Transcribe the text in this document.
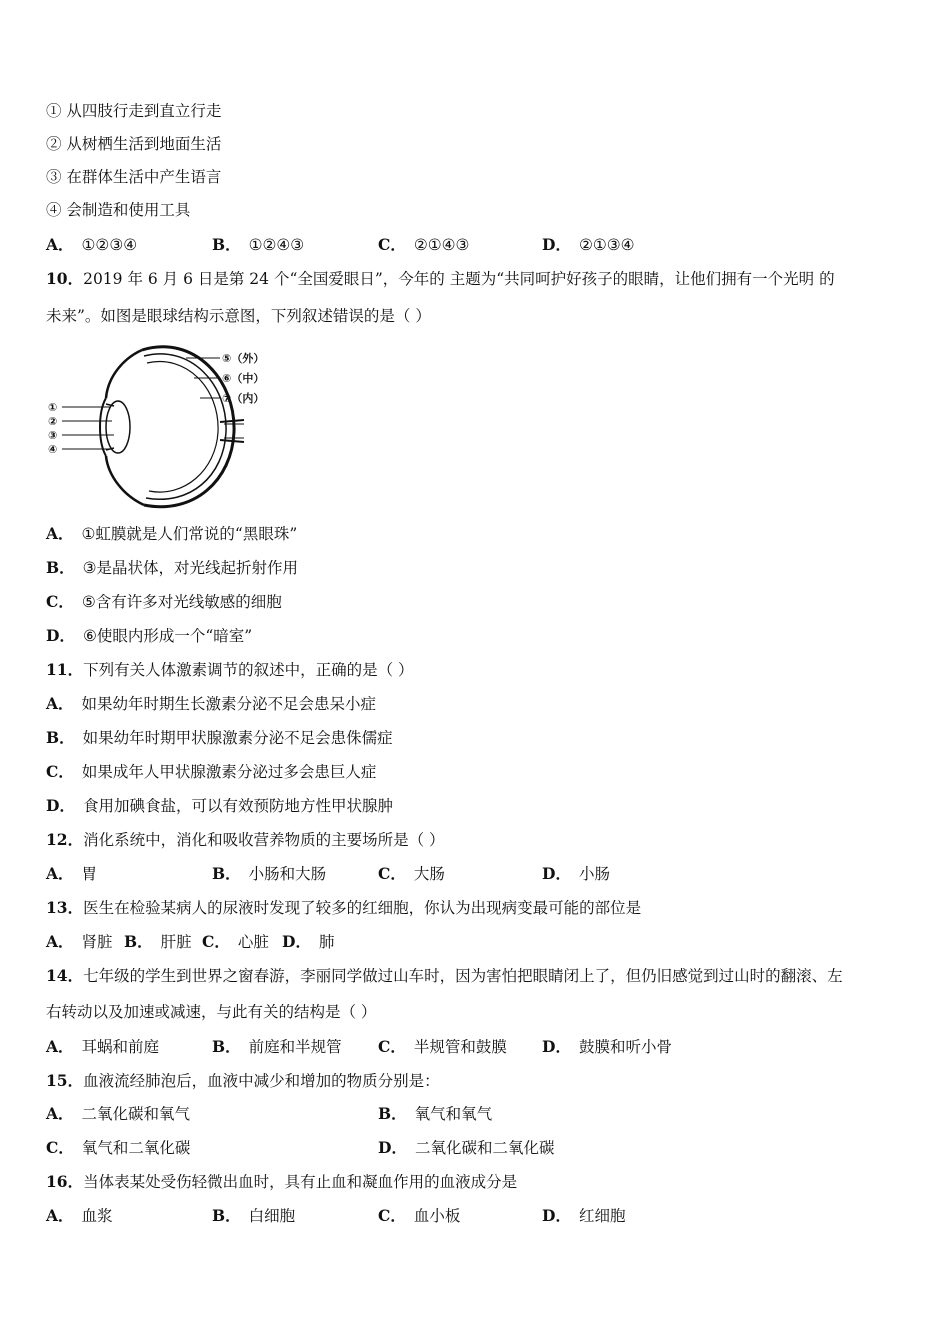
① 从四肢行走到直立行走
② 从树栖生活到地面生活
③ 在群体生活中产生语言
④ 会制造和使用工具
A． ①②③④	B． ①②④③	C． ②①④③	D． ②①③④
10．2019 年 6 月 6 日是第 24 个“全国爱眼日”，今年的 主题为“共同呵护好孩子的眼睛，让他们拥有一个光明 的
未来”。如图是眼球结构示意图，下列叙述错误的是（ ）
①
②
③
④
⑤（外）
⑥（中）
⑦（内）
A． ①虹膜就是人们常说的“黑眼珠”
B． ③是晶状体，对光线起折射作用
C． ⑤含有许多对光线敏感的细胞
D． ⑥使眼内形成一个“暗室”
11．下列有关人体激素调节的叙述中，正确的是（ ）
A． 如果幼年时期生长激素分泌不足会患呆小症
B． 如果幼年时期甲状腺激素分泌不足会患侏儒症
C． 如果成年人甲状腺激素分泌过多会患巨人症
D． 食用加碘食盐，可以有效预防地方性甲状腺肿
12．消化系统中，消化和吸收营养物质的主要场所是（ ）
A． 胃	B． 小肠和大肠	C． 大肠	D． 小肠
13．医生在检验某病人的尿液时发现了较多的红细胞，你认为出现病变最可能的部位是
A． 肾脏 B． 肝脏 C． 心脏 D． 肺
14．七年级的学生到世界之窗春游，李丽同学做过山车时，因为害怕把眼睛闭上了，但仍旧感觉到过山时的翻滚、左
右转动以及加速或减速，与此有关的结构是（ ）
A． 耳蜗和前庭	B． 前庭和半规管 C． 半规管和鼓膜 D． 鼓膜和听小骨
15．血液流经肺泡后，血液中减少和增加的物质分别是：
A． 二氧化碳和氧气	B． 氧气和氧气
C． 氧气和二氧化碳	D． 二氧化碳和二氧化碳
16．当体表某处受伤轻微出血时，具有止血和凝血作用的血液成分是
A． 血浆	B． 白细胞	C． 血小板	D． 红细胞
